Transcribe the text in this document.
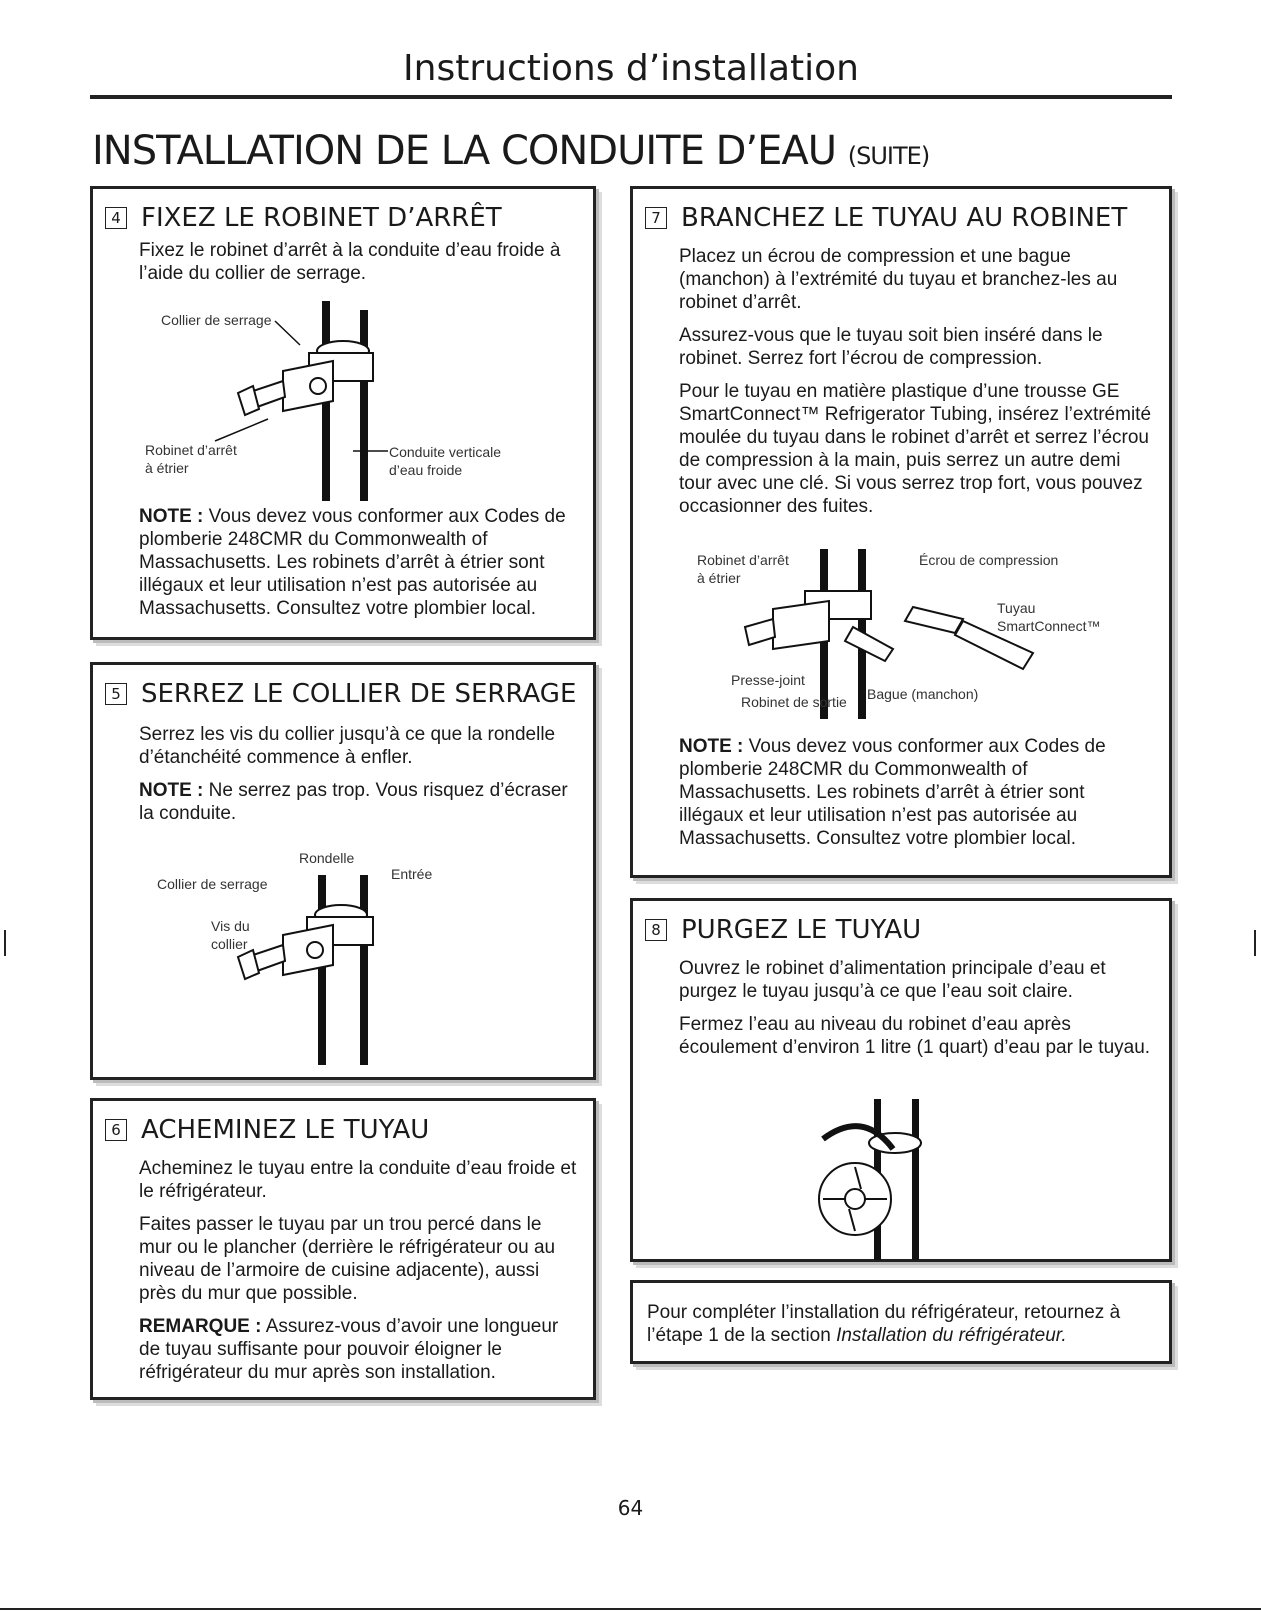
Instructions d’installation
INSTALLATION DE LA CONDUITE D’EAU (SUITE)
4 FIXEZ LE ROBINET D’ARRÊT

Fixez le robinet d’arrêt à la conduite d’eau froide à l’aide du collier de serrage.

Collier de serrage
Robinet d’arrêt
à étrier
Conduite verticale
d’eau froide

NOTE : Vous devez vous conformer aux Codes de plomberie 248CMR du Commonwealth of Massachusetts. Les robinets d’arrêt à étrier sont illégaux et leur utilisation n’est pas autorisée au Massachusetts. Consultez votre plombier local.

5 SERREZ LE COLLIER DE SERRAGE

Serrez les vis du collier jusqu’à ce que la rondelle d’étanchéité commence à enfler.

NOTE : Ne serrez pas trop. Vous risquez d’écraser la conduite.

Rondelle
Entrée
Collier de serrage
Vis du
collier
6 ACHEMINEZ LE TUYAU

Acheminez le tuyau entre la conduite d’eau froide et le réfrigérateur.

Faites passer le tuyau par un trou percé dans le mur ou le plancher (derrière le réfrigérateur ou au niveau de l’armoire de cuisine adjacente), aussi près du mur que possible.

REMARQUE : Assurez-vous d’avoir une longueur de tuyau suffisante pour pouvoir éloigner le réfrigérateur du mur après son installation.

7 BRANCHEZ LE TUYAU AU ROBINET

Placez un écrou de compression et une bague (manchon) à l’extrémité du tuyau et branchez-les au robinet d’arrêt.

Assurez-vous que le tuyau soit bien inséré dans le robinet. Serrez fort l’écrou de compression.

Pour le tuyau en matière plastique d’une trousse GE SmartConnect™ Refrigerator Tubing, insérez l’extrémité moulée du tuyau dans le robinet d’arrêt et serrez l’écrou de compression à la main, puis serrez un autre demi tour avec une clé. Si vous serrez trop fort, vous pouvez occasionner des fuites.

Robinet d’arrêt
à étrier
Écrou de compression
Tuyau
SmartConnect™
Presse-joint
Robinet de sortie Bague (manchon)

NOTE : Vous devez vous conformer aux Codes de plomberie 248CMR du Commonwealth of Massachusetts. Les robinets d’arrêt à étrier sont illégaux et leur utilisation n’est pas autorisée au Massachusetts. Consultez votre plombier local.

8 PURGEZ LE TUYAU

Ouvrez le robinet d’alimentation principale d’eau et purgez le tuyau jusqu’à ce que l’eau soit claire.

Fermez l’eau au niveau du robinet d’eau après écoulement d’environ 1 litre (1 quart) d’eau par le tuyau.

Pour compléter l’installation du réfrigérateur, retournez à l’étape 1 de la section Installation du réfrigérateur.

64
